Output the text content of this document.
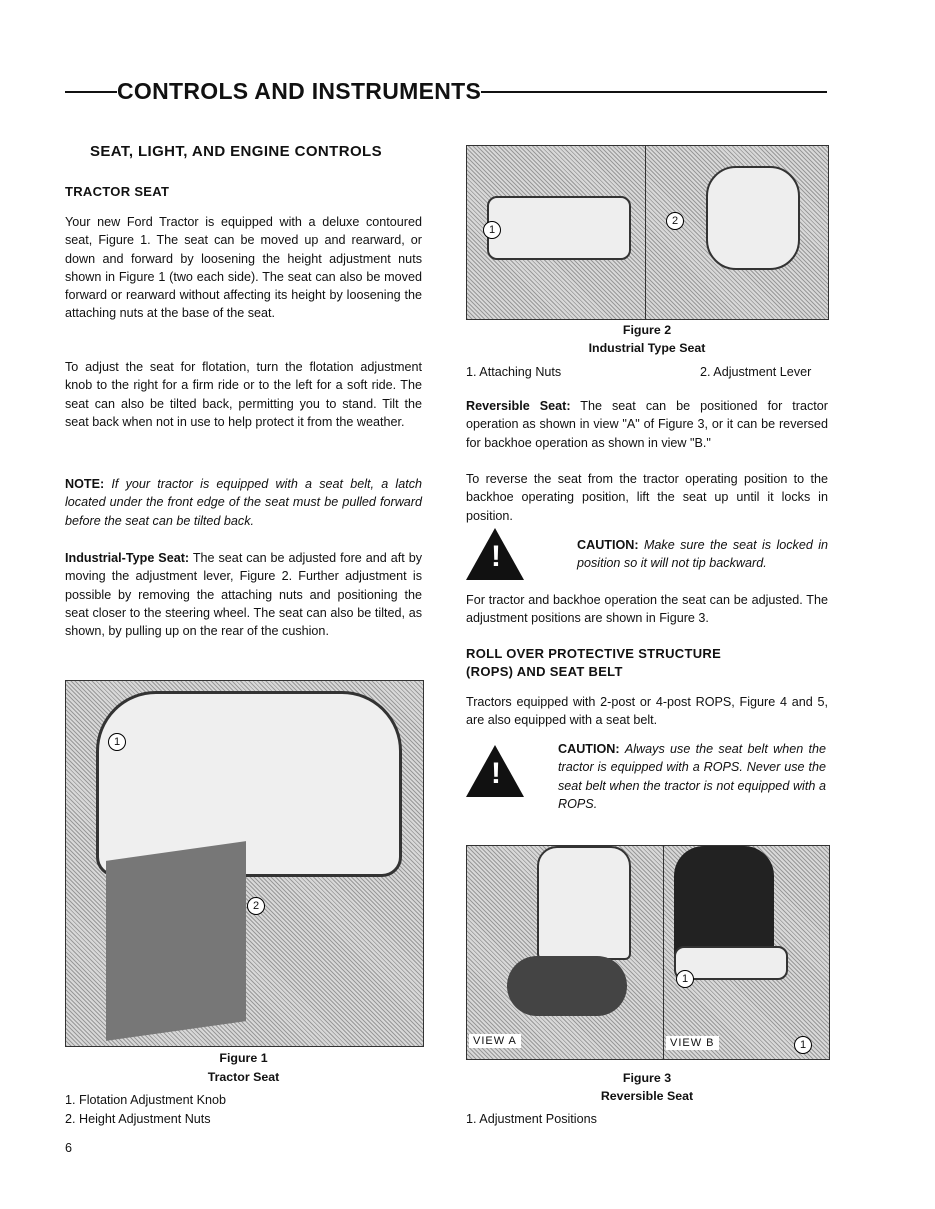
CONTROLS AND INSTRUMENTS
SEAT, LIGHT, AND ENGINE CONTROLS
TRACTOR SEAT
Your new Ford Tractor is equipped with a deluxe contoured seat, Figure 1. The seat can be moved up and rearward, or down and forward by loosening the height adjustment nuts shown in Figure 1 (two each side). The seat can also be moved forward or rearward without affecting its height by loosening the attaching nuts at the base of the seat.
To adjust the seat for flotation, turn the flotation adjustment knob to the right for a firm ride or to the left for a soft ride. The seat can also be tilted back, permitting you to stand. Tilt the seat back when not in use to help protect it from the weather.
NOTE: If your tractor is equipped with a seat belt, a latch located under the front edge of the seat must be pulled forward before the seat can be tilted back.
Industrial-Type Seat: The seat can be adjusted fore and aft by moving the adjustment lever, Figure 2. Further adjustment is possible by removing the attaching nuts and positioning the seat closer to the steering wheel. The seat can also be tilted, as shown, by pulling up on the rear of the cushion.
1
2
Figure 1
Tractor Seat
1. Flotation Adjustment Knob
2. Height Adjustment Nuts
6
1
2
Figure 2
Industrial Type Seat
1. Attaching Nuts	2. Adjustment Lever
Reversible Seat: The seat can be positioned for tractor operation as shown in view "A" of Figure 3, or it can be reversed for backhoe operation as shown in view "B."
To reverse the seat from the tractor operating position to the backhoe operating position, lift the seat up until it locks in position.
!	CAUTION: Make sure the seat is locked in position so it will not tip backward.
For tractor and backhoe operation the seat can be adjusted. The adjustment positions are shown in Figure 3.
ROLL OVER PROTECTIVE STRUCTURE
(ROPS) AND SEAT BELT
Tractors equipped with 2-post or 4-post ROPS, Figure 4 and 5, are also equipped with a seat belt.
!
CAUTION: Always use the seat belt when the tractor is equipped with a ROPS. Never use the seat belt when the tractor is not equipped with a ROPS.
VIEW A
1
1
VIEW B
Figure 3
Reversible Seat
1. Adjustment Positions
